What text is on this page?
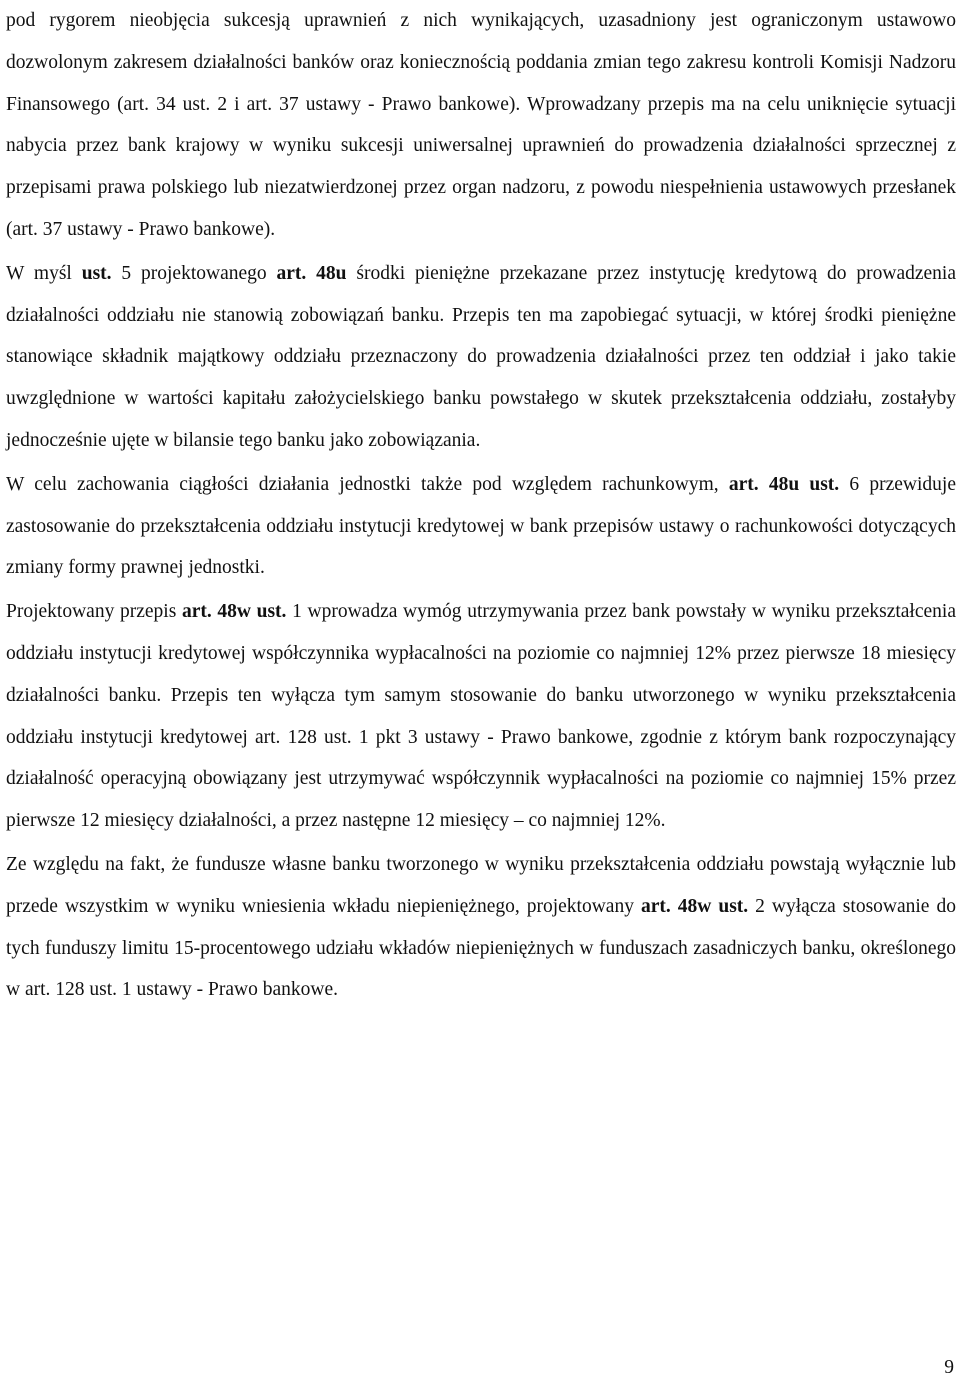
pod rygorem nieobjęcia sukcesją uprawnień z nich wynikających, uzasadniony jest ograniczonym ustawowo dozwolonym zakresem działalności banków oraz koniecznością poddania zmian tego zakresu kontroli Komisji Nadzoru Finansowego (art. 34 ust. 2 i art. 37 ustawy - Prawo bankowe). Wprowadzany przepis ma na celu uniknięcie sytuacji nabycia przez bank krajowy w wyniku sukcesji uniwersalnej uprawnień do prowadzenia działalności sprzecznej z przepisami prawa polskiego lub niezatwierdzonej przez organ nadzoru, z powodu niespełnienia ustawowych przesłanek (art. 37 ustawy - Prawo bankowe).

W myśl ust. 5 projektowanego art. 48u środki pieniężne przekazane przez instytucję kredytową do prowadzenia działalności oddziału nie stanowią zobowiązań banku. Przepis ten ma zapobiegać sytuacji, w której środki pieniężne stanowiące składnik majątkowy oddziału przeznaczony do prowadzenia działalności przez ten oddział i jako takie uwzględnione w wartości kapitału założycielskiego banku powstałego w skutek przekształcenia oddziału, zostałyby jednocześnie ujęte w bilansie tego banku jako zobowiązania.

W celu zachowania ciągłości działania jednostki także pod względem rachunkowym, art. 48u ust. 6 przewiduje zastosowanie do przekształcenia oddziału instytucji kredytowej w bank przepisów ustawy o rachunkowości dotyczących zmiany formy prawnej jednostki.

Projektowany przepis art. 48w ust. 1 wprowadza wymóg utrzymywania przez bank powstały w wyniku przekształcenia oddziału instytucji kredytowej współczynnika wypłacalności na poziomie co najmniej 12% przez pierwsze 18 miesięcy działalności banku. Przepis ten wyłącza tym samym stosowanie do banku utworzonego w wyniku przekształcenia oddziału instytucji kredytowej art. 128 ust. 1 pkt 3 ustawy - Prawo bankowe, zgodnie z którym bank rozpoczynający działalność operacyjną obowiązany jest utrzymywać współczynnik wypłacalności na poziomie co najmniej 15% przez pierwsze 12 miesięcy działalności, a przez następne 12 miesięcy – co najmniej 12%.

Ze względu na fakt, że fundusze własne banku tworzonego w wyniku przekształcenia oddziału powstają wyłącznie lub przede wszystkim w wyniku wniesienia wkładu niepieniężnego, projektowany art. 48w ust. 2 wyłącza stosowanie do tych funduszy limitu 15-procentowego udziału wkładów niepieniężnych w funduszach zasadniczych banku, określonego w art. 128 ust. 1 ustawy - Prawo bankowe.

9
